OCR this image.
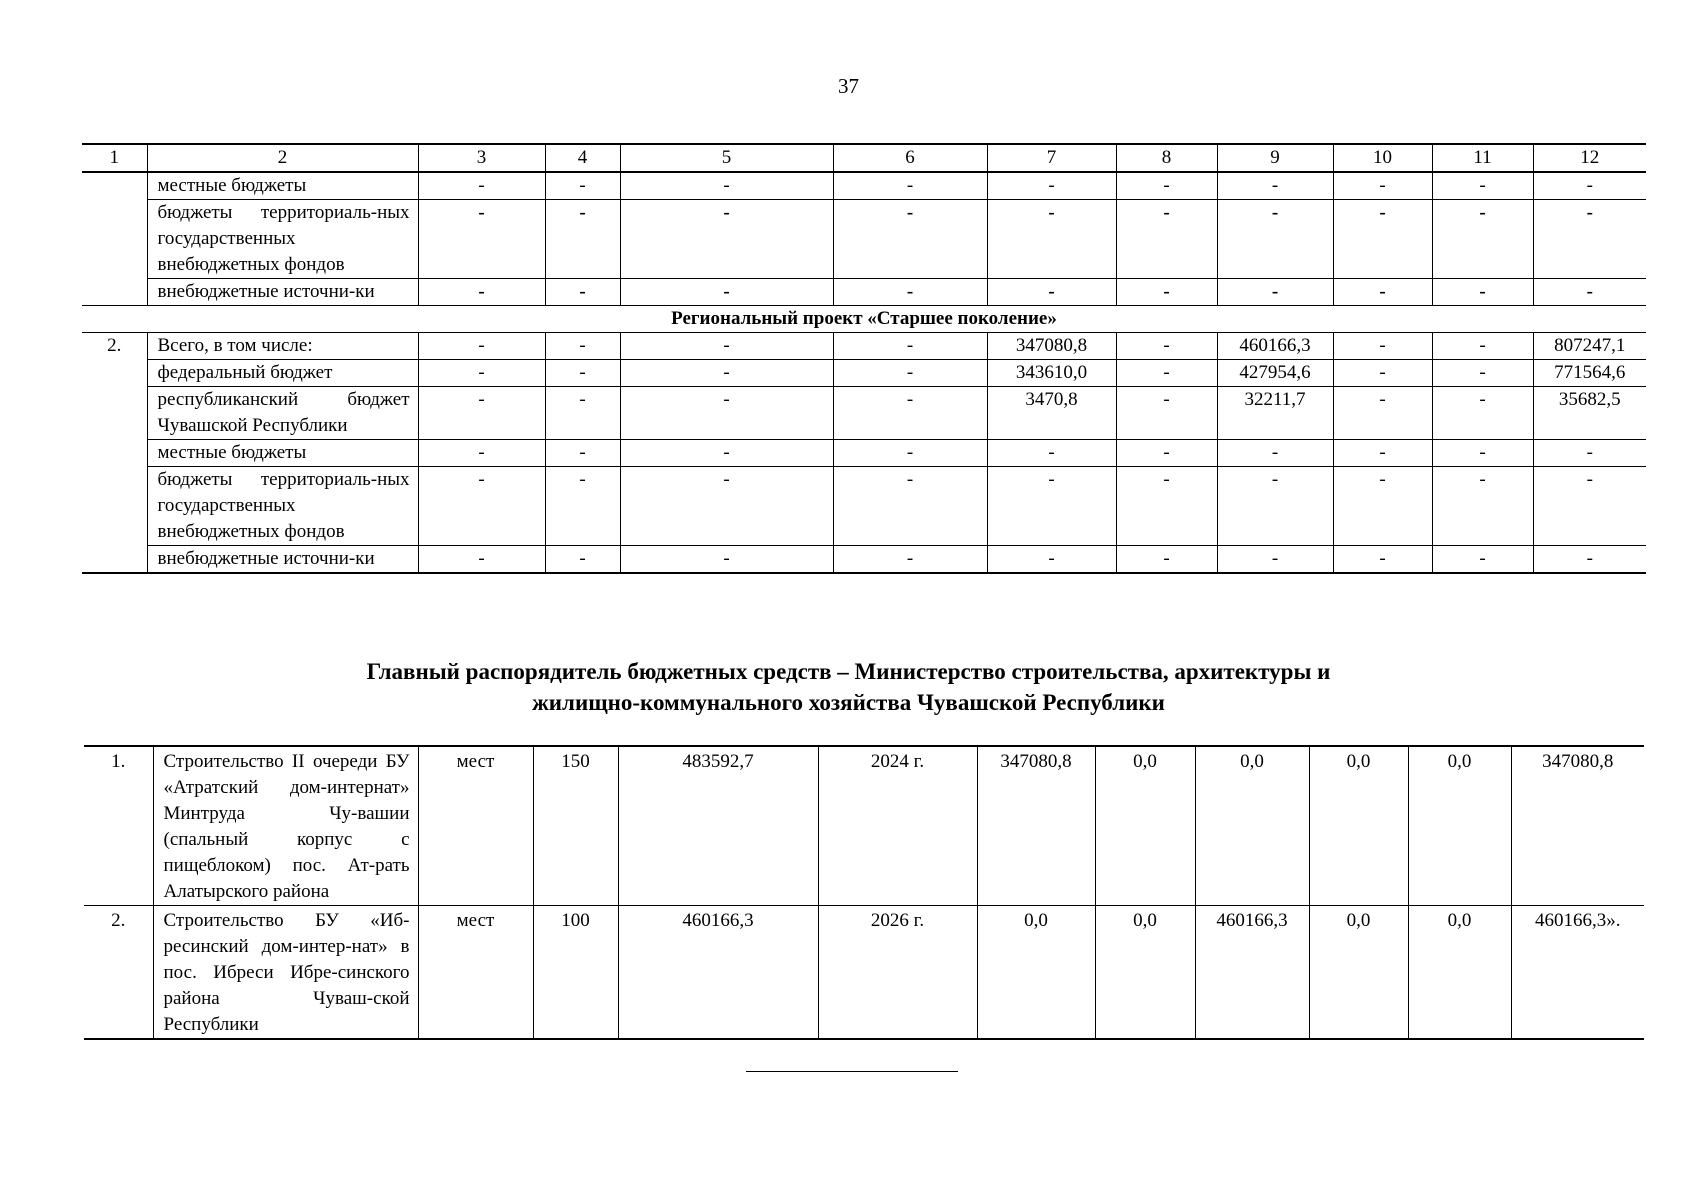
37
1	2	3	4	5	6	7	8	9	10	11	12
	местные бюджеты	-	-	-	-	-	-	-	-	-	-
	бюджеты территориаль-ных государственных внебюджетных фондов	-	-	-	-	-	-	-	-	-	-
	внебюджетные источни-ки	-	-	-	-	-	-	-	-	-	-
Региональный проект «Старшее поколение»											
2.	Всего, в том числе:	-	-	-	-	347080,8	-	460166,3	-	-	807247,1
	федеральный бюджет	-	-	-	-	343610,0	-	427954,6	-	-	771564,6
	республиканский бюджет Чувашской Республики	-	-	-	-	3470,8	-	32211,7	-	-	35682,5
	местные бюджеты	-	-	-	-	-	-	-	-	-	-
	бюджеты территориаль-ных государственных внебюджетных фондов	-	-	-	-	-	-	-	-	-	-
	внебюджетные источни-ки	-	-	-	-	-	-	-	-	-	-
Главный распорядитель бюджетных средств – Министерство строительства, архитектуры и
жилищно-коммунального хозяйства Чувашской Республики
1.	Строительство II очереди БУ «Атратский дом-интернат» Минтруда Чу-вашии (спальный корпус с пищеблоком) пос. Ат-рать Алатырского района	мест	150	483592,7	2024 г.	347080,8	0,0	0,0	0,0	0,0	347080,8
2.	Строительство БУ «Иб-ресинский дом-интер-нат» в пос. Ибреси Ибре-синского района Чуваш-ской Республики	мест	100	460166,3	2026 г.	0,0	0,0	460166,3	0,0	0,0	460166,3».
